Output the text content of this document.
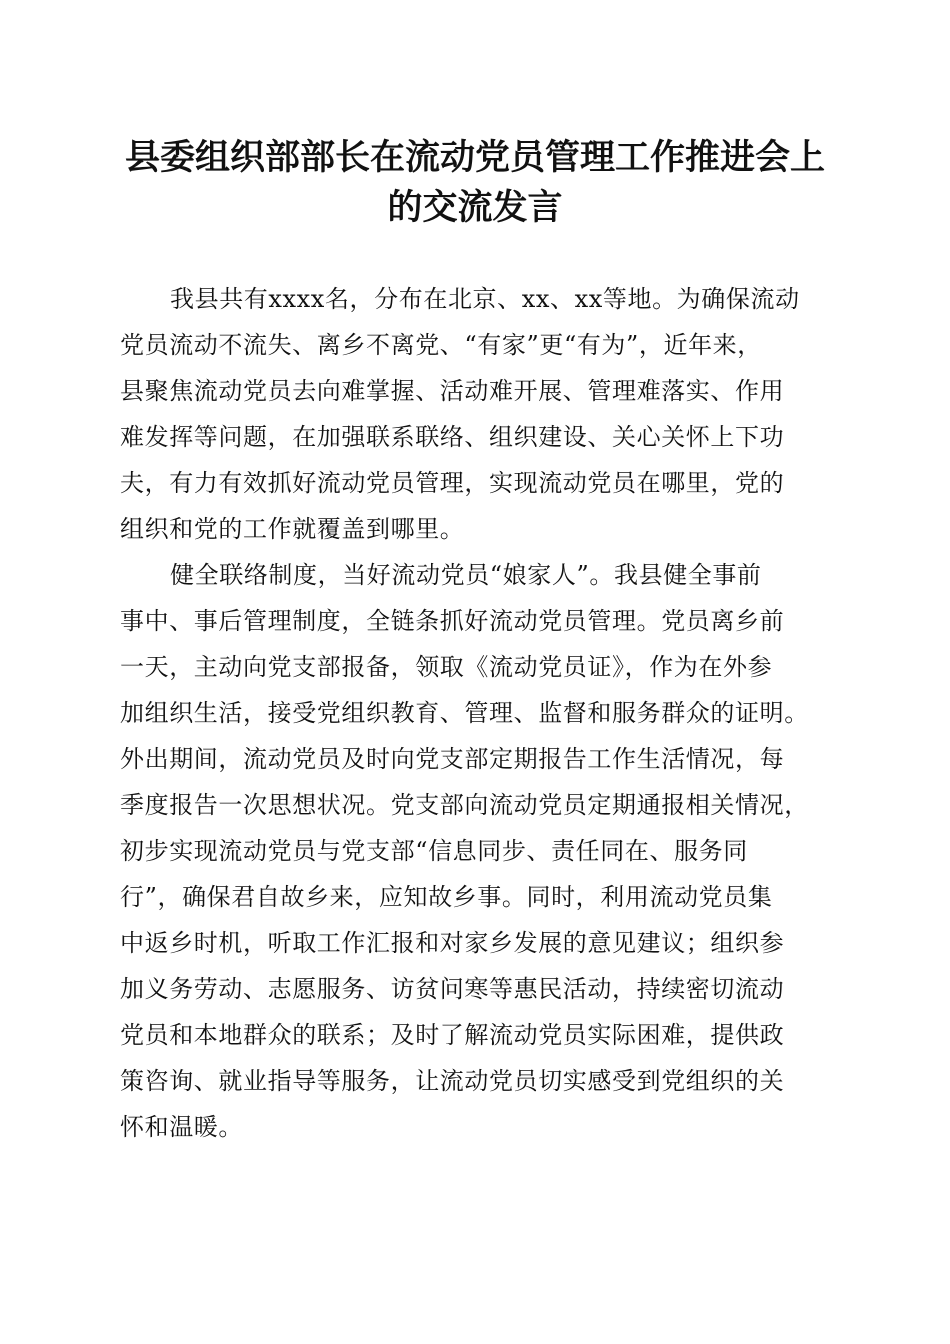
县委组织部部长在流动党员管理工作推进会上
的交流发言

我县共有xxxx名，分布在北京、xx、xx等地。为确保流动
党员流动不流失、离乡不离党、“有家”更“有为”，近年来，
县聚焦流动党员去向难掌握、活动难开展、管理难落实、作用
难发挥等问题，在加强联系联络、组织建设、关心关怀上下功
夫，有力有效抓好流动党员管理，实现流动党员在哪里，党的
组织和党的工作就覆盖到哪里。

健全联络制度，当好流动党员“娘家人”。我县健全事前
事中、事后管理制度，全链条抓好流动党员管理。党员离乡前
一天，主动向党支部报备，领取《流动党员证》，作为在外参
加组织生活，接受党组织教育、管理、监督和服务群众的证明。
外出期间，流动党员及时向党支部定期报告工作生活情况，每
季度报告一次思想状况。党支部向流动党员定期通报相关情况，
初步实现流动党员与党支部“信息同步、责任同在、服务同
行”，确保君自故乡来，应知故乡事。同时，利用流动党员集
中返乡时机，听取工作汇报和对家乡发展的意见建议；组织参
加义务劳动、志愿服务、访贫问寒等惠民活动，持续密切流动
党员和本地群众的联系；及时了解流动党员实际困难，提供政
策咨询、就业指导等服务，让流动党员切实感受到党组织的关
怀和温暖。
